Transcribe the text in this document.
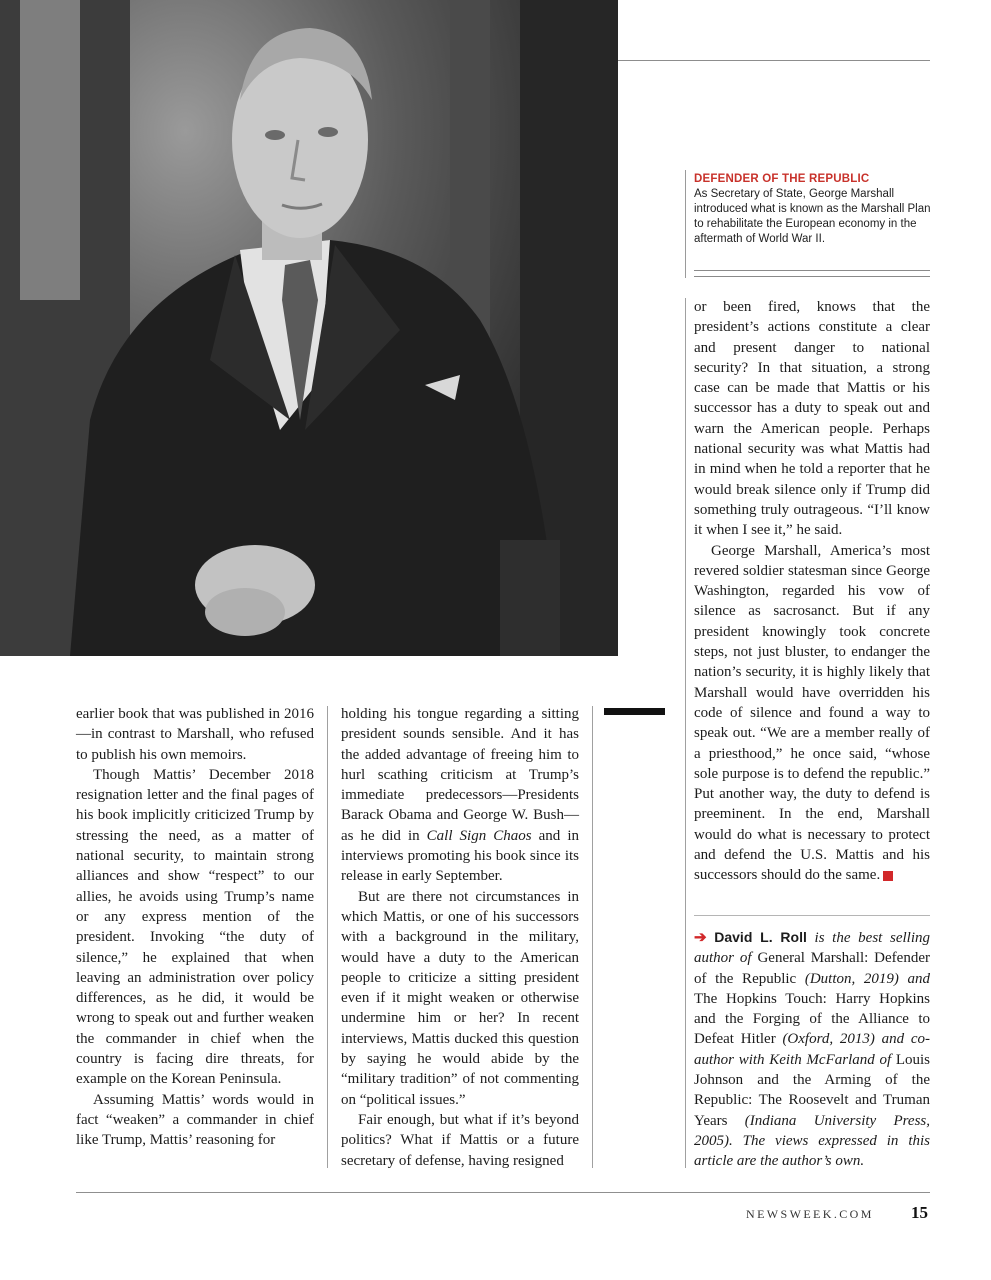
DEFENDER OF THE REPUBLIC
As Secretary of State, George Marshall introduced what is known as the Marshall Plan to rehabilitate the European economy in the aftermath of World War II.

earlier book that was published in 2016—in contrast to Marshall, who refused to publish his own memoirs.

Though Mattis’ December 2018 resignation letter and the final pages of his book implicitly criticized Trump by stressing the need, as a matter of national security, to maintain strong alliances and show “respect” to our allies, he avoids using Trump’s name or any express mention of the president. Invoking “the duty of silence,” he explained that when leaving an administration over policy differences, as he did, it would be wrong to speak out and further weaken the commander in chief when the country is facing dire threats, for example on the Korean Peninsula.

Assuming Mattis’ words would in fact “weaken” a commander in chief like Trump, Mattis’ reasoning for

holding his tongue regarding a sitting president sounds sensible. And it has the added advantage of freeing him to hurl scathing criticism at Trump’s immediate predecessors—Presidents Barack Obama and George W. Bush—as he did in Call Sign Chaos and in interviews promoting his book since its release in early September.

But are there not circumstances in which Mattis, or one of his successors with a background in the military, would have a duty to the American people to criticize a sitting president even if it might weaken or otherwise undermine him or her? In recent interviews, Mattis ducked this question by saying he would abide by the “military tradition” of not commenting on “political issues.”

Fair enough, but what if it’s beyond politics? What if Mattis or a future secretary of defense, having resigned

or been fired, knows that the president’s actions constitute a clear and present danger to national security? In that situation, a strong case can be made that Mattis or his successor has a duty to speak out and warn the American people. Perhaps national security was what Mattis had in mind when he told a reporter that he would break silence only if Trump did something truly outrageous. “I’ll know it when I see it,” he said.

George Marshall, America’s most revered soldier statesman since George Washington, regarded his vow of silence as sacrosanct. But if any president knowingly took concrete steps, not just bluster, to endanger the nation’s security, it is highly likely that Marshall would have overridden his code of silence and found a way to speak out. “We are a member really of a priesthood,” he once said, “whose sole purpose is to defend the republic.” Put another way, the duty to defend is preeminent. In the end, Marshall would do what is necessary to protect and defend the U.S. Mattis and his successors should do the same.	N

➔ David L. Roll is the best selling author of General Marshall: Defender of the Republic (Dutton, 2019) and The Hopkins Touch: Harry Hopkins and the Forging of the Alliance to Defeat Hitler (Oxford, 2013) and co-author with Keith McFarland of Louis Johnson and the Arming of the Republic: The Roosevelt and Truman Years (Indiana University Press, 2005). The views expressed in this article are the author’s own.
NEWSWEEK.COM 15
